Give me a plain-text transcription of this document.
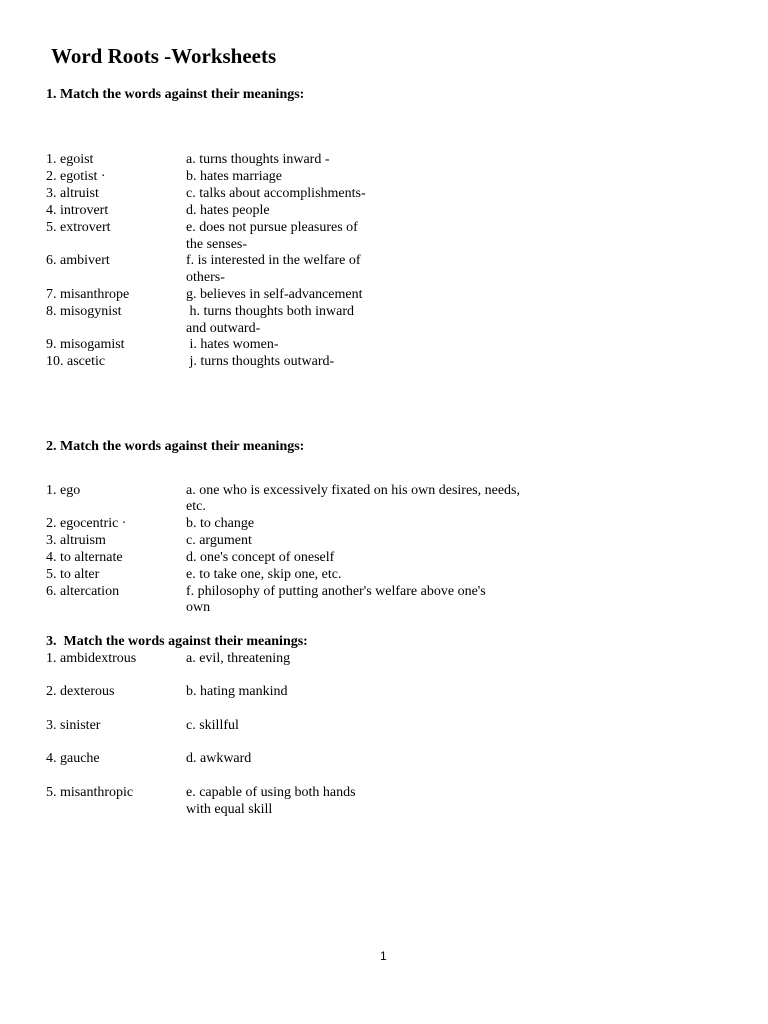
Word Roots -Worksheets
1. Match the words against their meanings:
1. egoist
2. egotist ·
3. altruist
4. introvert
5. extrovert
6. ambivert
7. misanthrope
8. misogynist
9. misogamist
10. ascetic
a. turns thoughts inward -
b. hates marriage
c. talks about accomplishments-
d. hates people
e. does not pursue pleasures of
the senses-
f. is interested in the welfare of
others-
g. believes in self-advancement
h. turns thoughts both inward
and outward-
i. hates women-
j. turns thoughts outward-
2. Match the words against their meanings:
1. ego
2. egocentric ·
3. altruism
4. to alternate
5. to alter
6. altercation
a. one who is excessively fixated on his own desires, needs,
etc.
b. to change
c. argument
d. one's concept of oneself
e. to take one, skip one, etc.
f. philosophy of putting another's welfare above one's
own
3.  Match the words against their meanings:
1. ambidextrous
2. dexterous
3. sinister
4. gauche
5. misanthropic
a. evil, threatening
b. hating mankind
c. skillful
d. awkward
e. capable of using both hands
with equal skill
1
